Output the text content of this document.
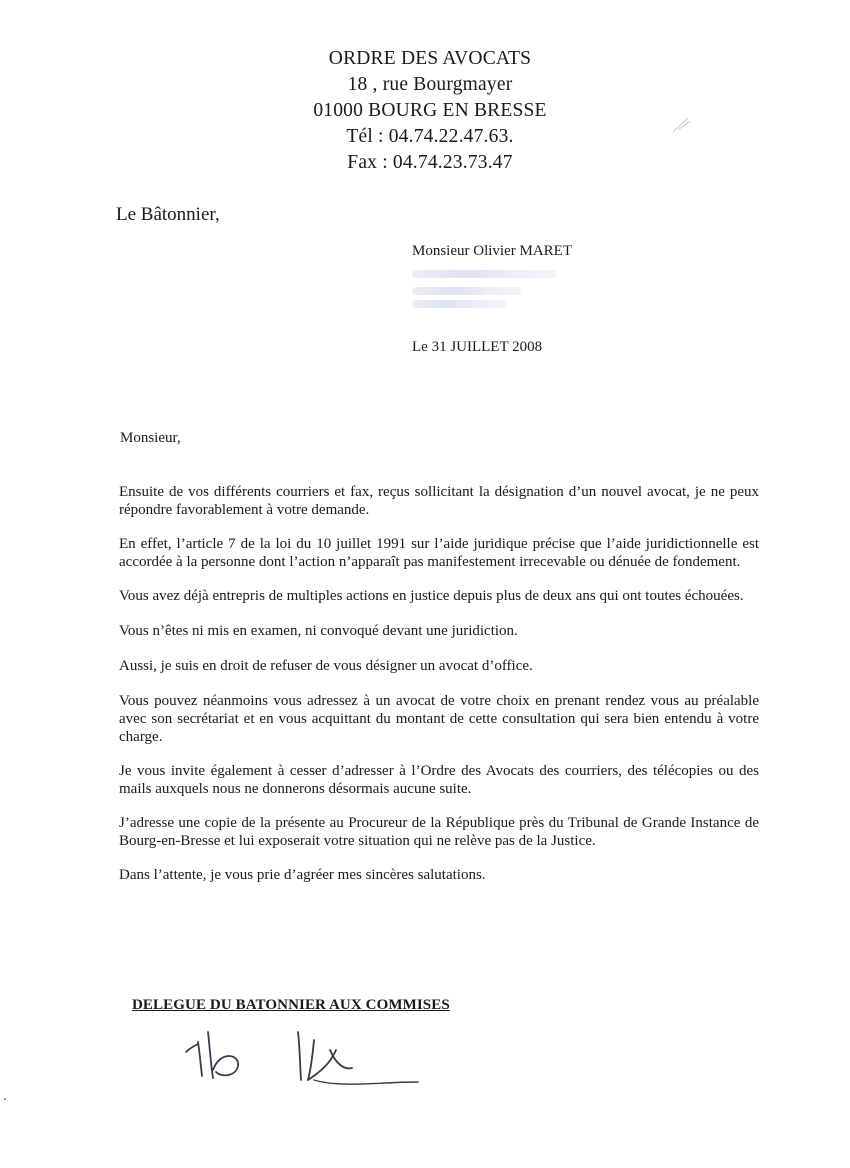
ORDRE DES AVOCATS
18 , rue Bourgmayer
01000 BOURG EN BRESSE
Tél : 04.74.22.47.63.
Fax : 04.74.23.73.47
Le Bâtonnier,
Monsieur Olivier MARET
Le 31 JUILLET 2008
Monsieur,

Ensuite de vos différents courriers et fax, reçus sollicitant la désignation d’un nouvel avocat, je ne peux répondre favorablement à votre demande.

En effet, l’article 7 de la loi du 10 juillet 1991 sur l’aide juridique précise que l’aide juridictionnelle est accordée à la personne dont l’action n’apparaît pas manifestement irrecevable ou dénuée de fondement.

Vous avez déjà entrepris de multiples actions en justice depuis plus de deux ans qui ont toutes échouées.

Vous n’êtes ni mis en examen, ni convoqué devant une juridiction.

Aussi, je suis en droit de refuser de vous désigner un avocat d’office.

Vous pouvez néanmoins vous adressez à un avocat de votre choix en prenant rendez vous au préalable avec son secrétariat et en vous acquittant du montant de cette consultation qui sera bien entendu à votre charge.

Je vous invite également à cesser d’adresser à l’Ordre des Avocats des courriers, des télécopies ou des mails auxquels nous ne donnerons désormais aucune suite.

J’adresse une copie de la présente au Procureur de la République près du Tribunal de Grande Instance de Bourg-en-Bresse et lui exposerait votre situation qui ne relève pas de la Justice.

Dans l’attente, je vous prie d’agréer mes sincères salutations.

DELEGUE DU BATONNIER AUX COMMISES
